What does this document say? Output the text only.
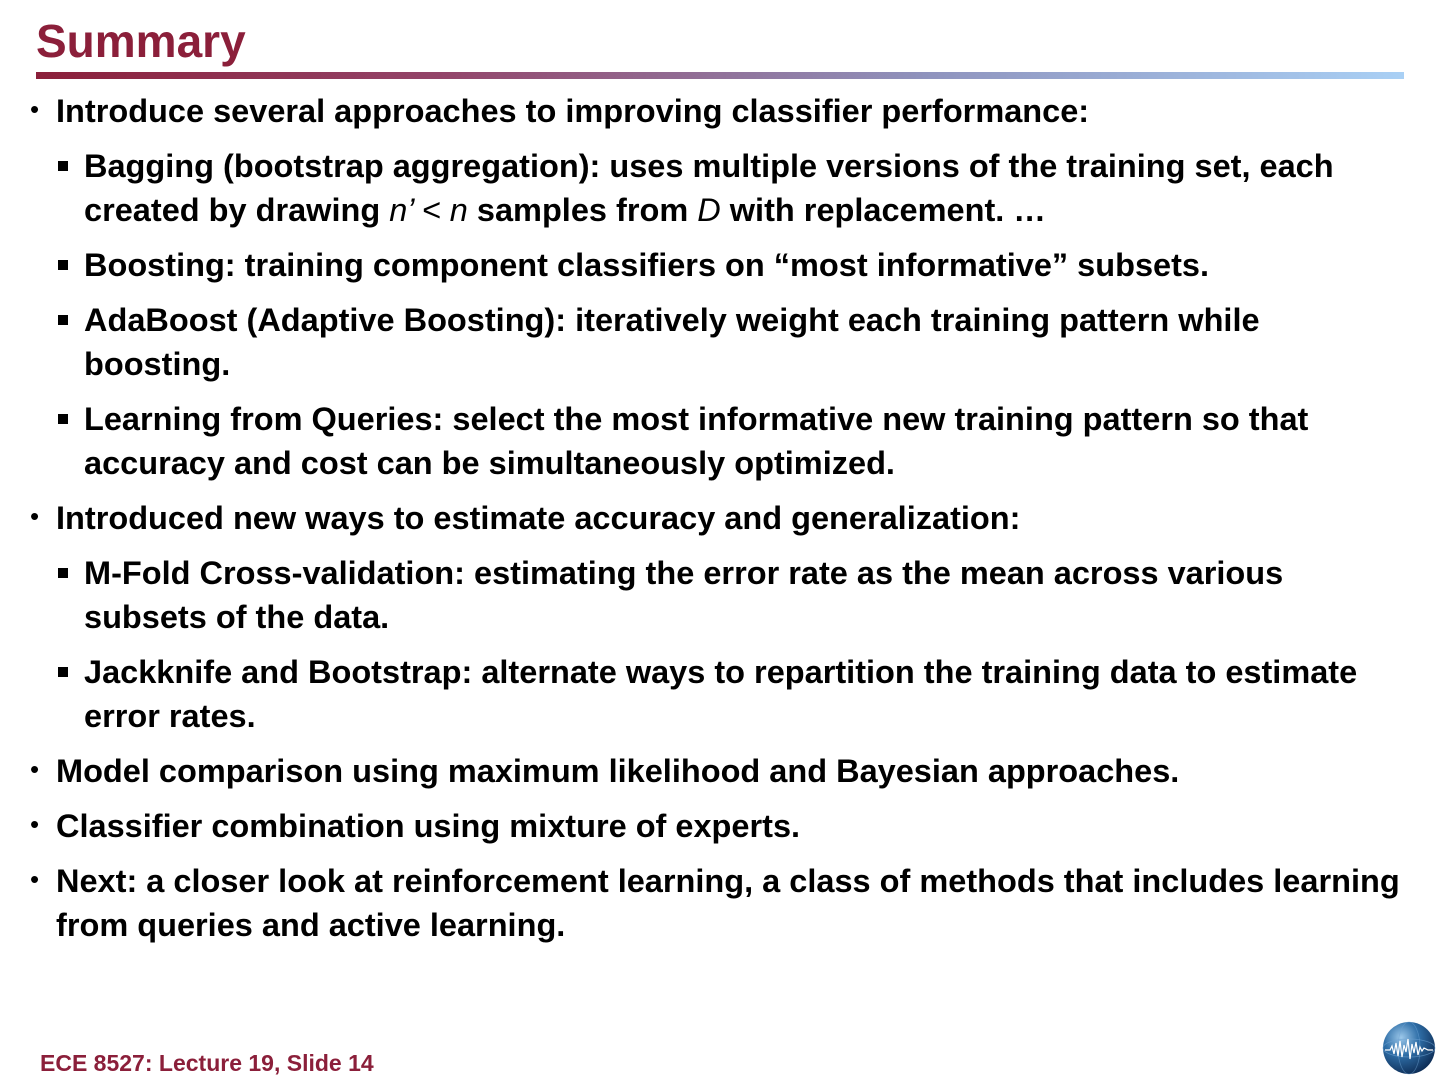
Summary
• Introduce several approaches to improving classifier performance:
Bagging (bootstrap aggregation): uses multiple versions of the training set, each created by drawing n’ < n samples from D with replacement. …
Boosting: training component classifiers on “most informative” subsets.
AdaBoost (Adaptive Boosting): iteratively weight each training pattern while boosting.
Learning from Queries: select the most informative new training pattern so that accuracy and cost can be simultaneously optimized.
• Introduced new ways to estimate accuracy and generalization:
M-Fold Cross-validation: estimating the error rate as the mean across various subsets of the data.
Jackknife and Bootstrap: alternate ways to repartition the training data to estimate error rates.
• Model comparison using maximum likelihood and Bayesian approaches.
• Classifier combination using mixture of experts.
• Next: a closer look at reinforcement learning, a class of methods that includes learning from queries and active learning.
ECE 8527: Lecture 19, Slide 14
